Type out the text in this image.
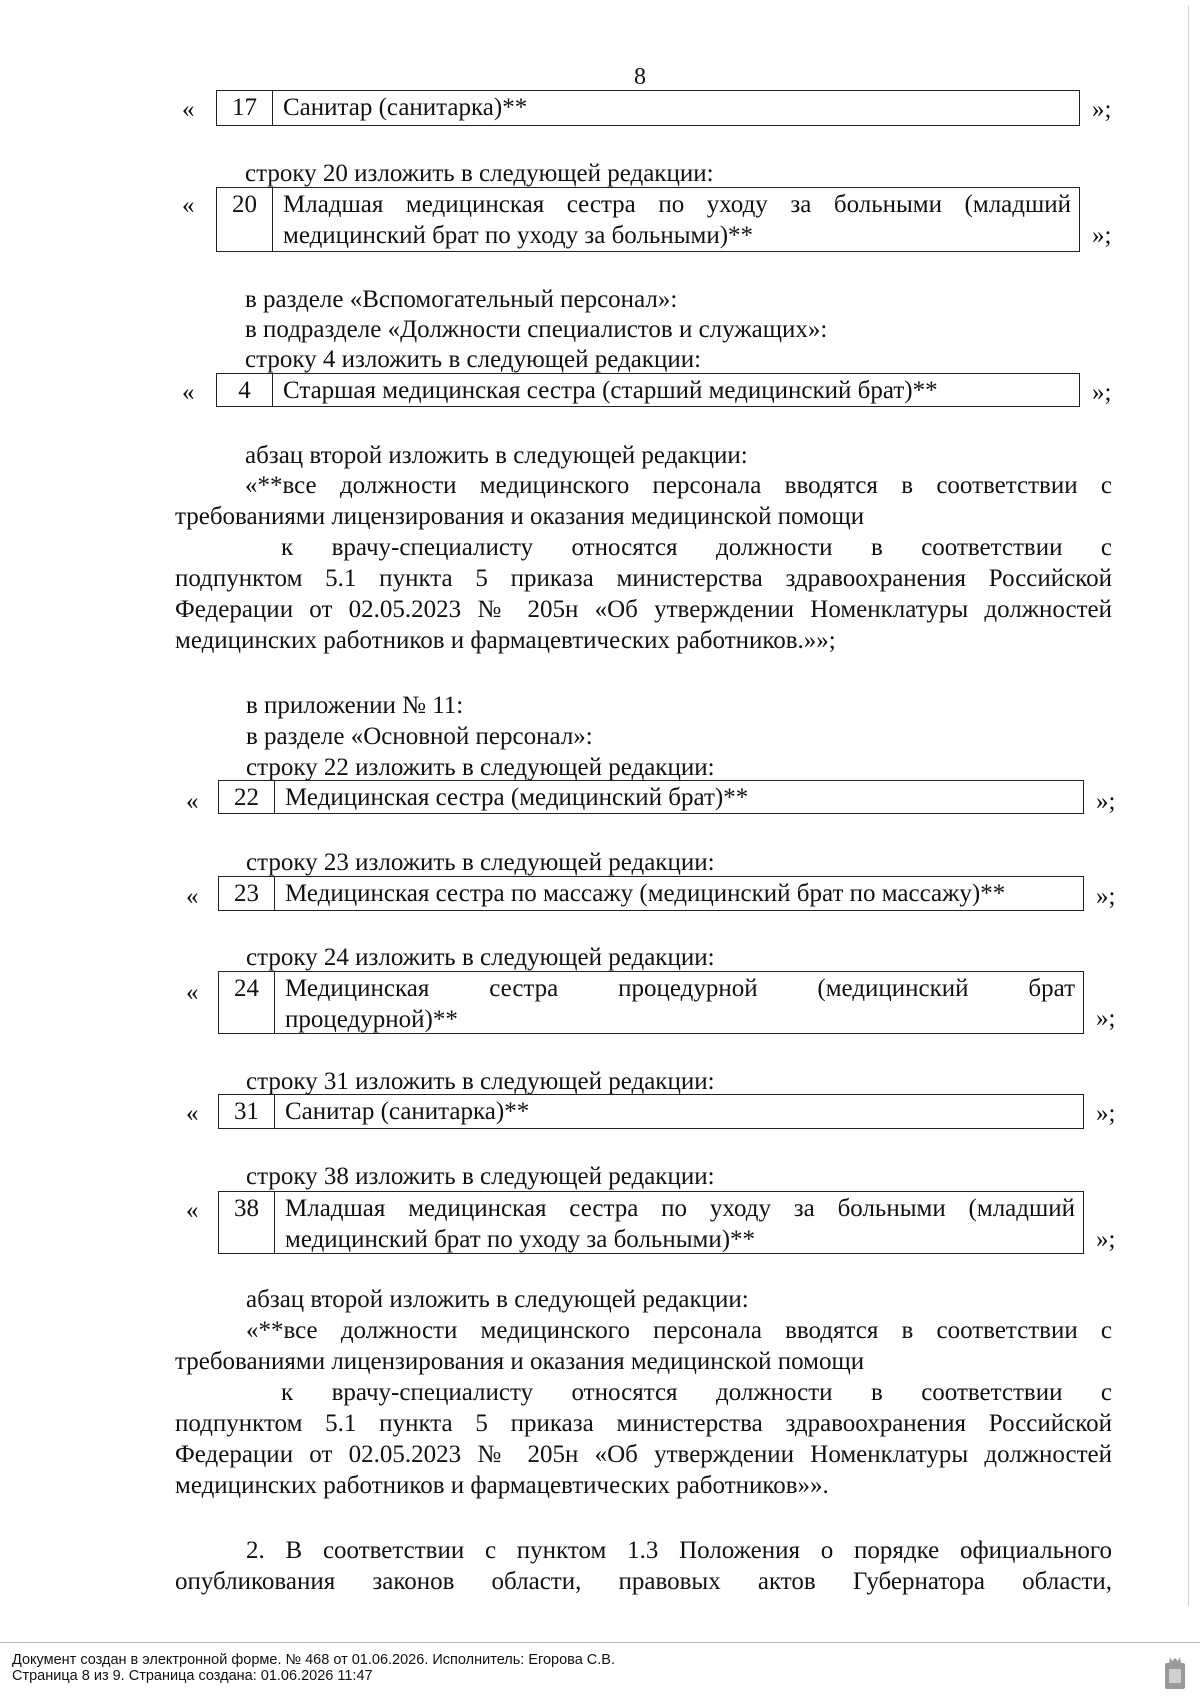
8
«	17	Санитар (санитарка)**	»;
строку 20 изложить в следующей редакции:
«	20	Младшая медицинская сестра по уходу за больными (младший медицинский брат по уходу за больными)**	»;
в разделе «Вспомогательный персонал»:
в подразделе «Должности специалистов и служащих»:
строку 4 изложить в следующей редакции:
«	4	Старшая медицинская сестра (старший медицинский брат)**	»;
абзац второй изложить в следующей редакции:
«**все должности медицинского персонала вводятся в соответствии с
требованиями лицензирования и оказания медицинской помощи
к врачу-специалисту относятся должности в соответствии с
подпунктом 5.1 пункта 5 приказа министерства здравоохранения Российской
Федерации от 02.05.2023 № 205н «Об утверждении Номенклатуры должностей
медицинских работников и фармацевтических работников.»»;
в приложении № 11:
в разделе «Основной персонал»:
строку 22 изложить в следующей редакции:
«	22	Медицинская сестра (медицинский брат)**	»;
строку 23 изложить в следующей редакции:
«	23	Медицинская сестра по массажу (медицинский брат по массажу)**	»;
строку 24 изложить в следующей редакции:
«	24	Медицинская сестра процедурной (медицинский брат
процедурной)**	»;
строку 31 изложить в следующей редакции:
«	31	Санитар (санитарка)**	»;
строку 38 изложить в следующей редакции:
«	38	Младшая медицинская сестра по уходу за больными (младший медицинский брат по уходу за больными)**	»;
абзац второй изложить в следующей редакции:
«**все должности медицинского персонала вводятся в соответствии с
требованиями лицензирования и оказания медицинской помощи
к врачу-специалисту относятся должности в соответствии с
подпунктом 5.1 пункта 5 приказа министерства здравоохранения Российской
Федерации от 02.05.2023 № 205н «Об утверждении Номенклатуры должностей
медицинских работников и фармацевтических работников»».
2. В соответствии с пунктом 1.3 Положения о порядке официального
опубликования законов области, правовых актов Губернатора области,
Документ создан в электронной форме. № 468 от 01.06.2026. Исполнитель: Егорова С.В.
Страница 8 из 9. Страница создана: 01.06.2026 11:47
